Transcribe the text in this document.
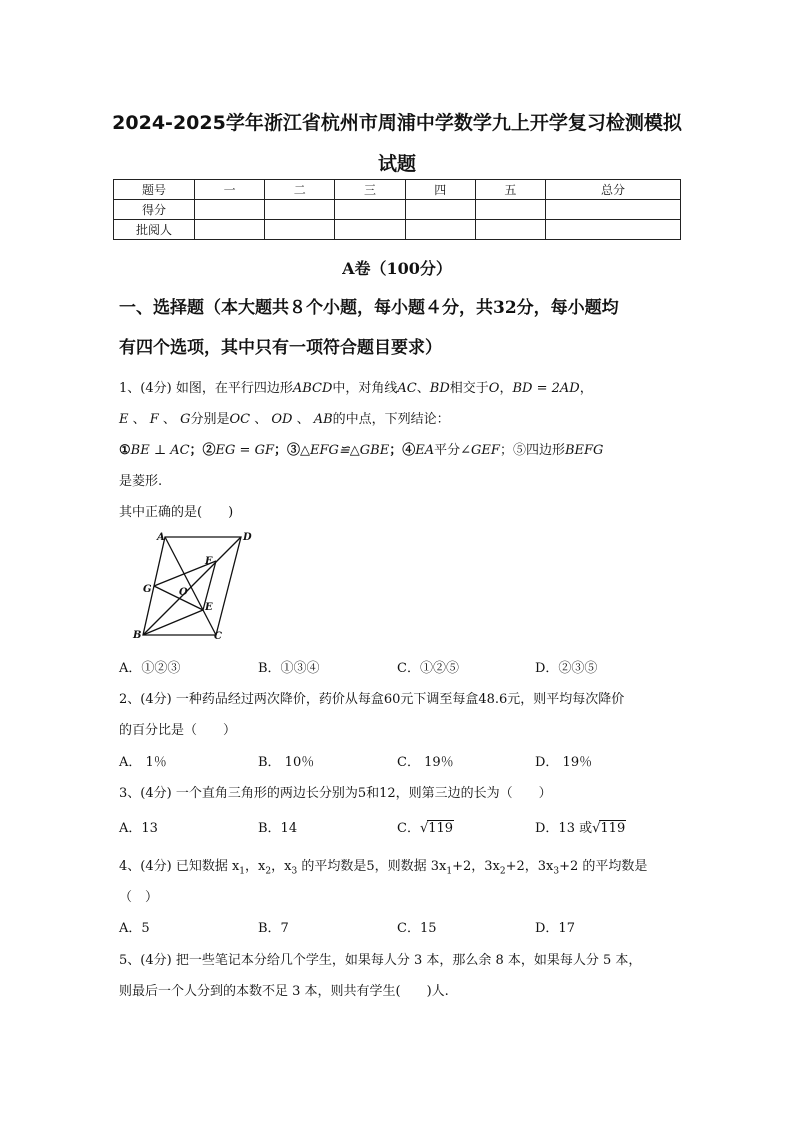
2024-2025学年浙江省杭州市周浦中学数学九上开学复习检测模拟
试题
题号	一	二	三	四	五	总分
得分						
批阅人						
A卷（100分）
一、选择题（本大题共８个小题，每小题４分，共32分，每小题均
有四个选项，其中只有一项符合题目要求）
1、(4分) 如图，在平行四边形ABCD中，对角线AC、BD相交于O，BD = 2AD，
E 、 F 、 G分别是OC 、 OD 、 AB的中点，下列结论：
①BE ⊥ AC；②EG = GF；③△EFG≌△GBE；④EA平分∠GEF；⑤四边形BEFG
是菱形.
其中正确的是(　　)
A	D
F
G	O
E
B	C
A．①②③	B．①③④	C．①②⑤	D．②③⑤
2、(4分) 一种药品经过两次降价，药价从每盒60元下调至每盒48.6元，则平均每次降价
的百分比是（　　）
A． 1％	B． 10％	C． 19％	D． 19％
3、(4分) 一个直角三角形的两边长分别为5和12，则第三边的长为（　　）
A．13	B．14	C．√119	D．13 或√119
4、(4分) 已知数据 $x_1$，$x_2$，$x_3$ 的平均数是5，则数据 $3x_1+2$，$3x_2+2$，$3x_3+2$ 的平均数是
（　）
A．5	B．7	C．15	D．17
5、(4分) 把一些笔记本分给几个学生，如果每人分 3 本，那么余 8 本，如果每人分 5 本，
则最后一个人分到的本数不足 3 本，则共有学生(　　)人.
